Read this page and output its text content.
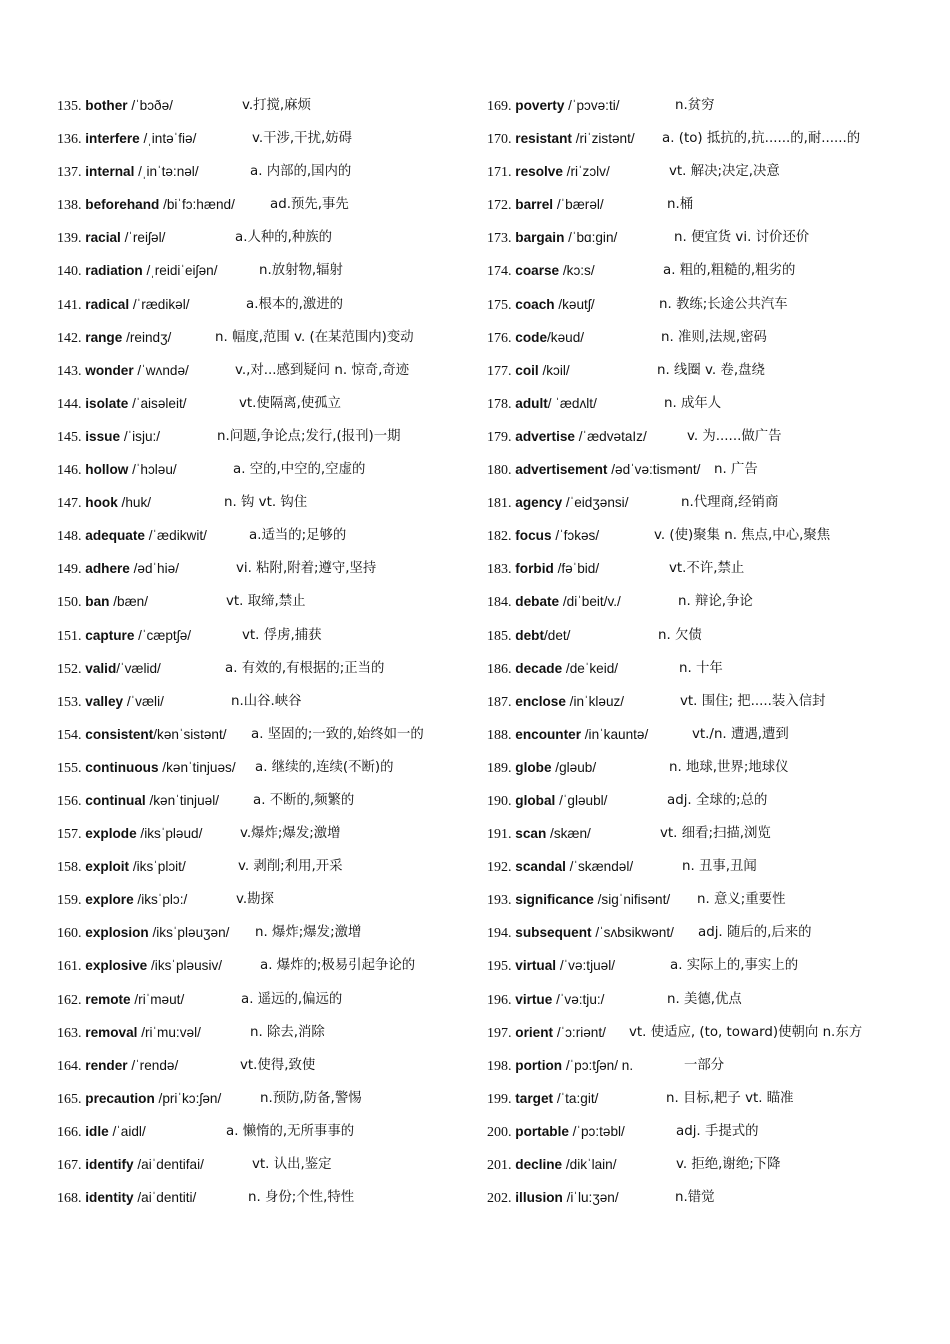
135. bother /ˈbɔðə/	v.打搅,麻烦
136. interfere /ˌintəˈfiə/	v.干涉,干扰,妨碍
137. internal /ˌinˈtə:nəl/	a. 内部的,国内的
138. beforehand /biˈfɔ:hænd/	ad.预先,事先
139. racial /ˈreiʃəl/	a.人种的,种族的
140. radiation /ˌreidiˈeiʃən/	n.放射物,辐射
141. radical /ˈrædikəl/	a.根本的,激进的
142. range /reindʒ/	n. 幅度,范围 v. (在某范围内)变动
143. wonder /ˈwʌndə/	v.,对...感到疑问 n. 惊奇,奇迹
144. isolate /ˈaisəleit/	vt.使隔离,使孤立
145. issue /ˈisju:/	n.问题,争论点;发行,(报刊)一期
146. hollow /ˈhɔləu/	a. 空的,中空的,空虚的
147. hook /huk/	n. 钩 vt. 钩住
148. adequate /ˈædikwit/	a.适当的;足够的
149. adhere /ədˈhiə/	vi. 粘附,附着;遵守,坚持
150. ban /bæn/	vt. 取缔,禁止
151. capture /ˈcæptʃə/	vt. 俘虏,捕获
152. valid/ˈvælid/	a. 有效的,有根据的;正当的
153. valley /ˈvæli/	n.山谷.峡谷
154. consistent/kənˈsistənt/ a. 坚固的;一致的,始终如一的
155. continuous /kənˈtinjuəs/ a. 继续的,连续(不断)的
156. continual /kənˈtinjuəl/	a. 不断的,频繁的
157. explode /iksˈpləud/	v.爆炸;爆发;激增
158. exploit /iksˈplɔit/	v. 剥削;利用,开采
159. explore /iksˈplɔ:/	v.勘探
160. explosion /iksˈpləuʒən/ n. 爆炸;爆发;激增
161. explosive /iksˈpləusiv/	a. 爆炸的;极易引起争论的
162. remote /riˈməut/	a. 遥远的,偏远的
163. removal /riˈmu:vəl/	n. 除去,消除
164. render /ˈrendə/	vt.使得,致使
165. precaution /priˈkɔ:ʃən/	n.预防,防备,警惕
166. idle /ˈaidl/	a. 懒惰的,无所事事的
167. identify /aiˈdentifai/	vt. 认出,鉴定
168. identity /aiˈdentiti/	n. 身份;个性,特性
169. poverty /ˈpɔvə:ti/	n.贫穷
170. resistant /riˈzistənt/ a. (to) 抵抗的,抗......的,耐......的
171. resolve /riˈzɔlv/	vt. 解决;决定,决意
172. barrel /ˈbærəl/	n.桶
173. bargain /ˈbɑ:gin/	n. 便宜货 vi. 讨价还价
174. coarse /kɔ:s/	a. 粗的,粗糙的,粗劣的
175. coach /kəutʃ/	n. 教练;长途公共汽车
176. code/kəud/	n. 准则,法规,密码
177. coil /kɔil/	n. 线圈 v. 卷,盘绕
178. adult/ ˈædʌlt/	n. 成年人
179. advertise /ˈædvətaIz/	v. 为......做广告
180. advertisement /ədˈvə:tismənt/ n. 广告
181. agency /ˈeidʒənsi/	n.代理商,经销商
182. focus /ˈfɔkəs/	v. (使)聚集 n. 焦点,中心,聚焦
183. forbid /fəˈbid/	vt.不许,禁止
184. debate /diˈbeit/v./	n. 辩论,争论
185. debt/det/	n. 欠债
186. decade /deˈkeid/	n. 十年
187. enclose /inˈkləuz/	vt. 围住; 把.....装入信封
188. encounter /inˈkauntə/	vt./n. 遭遇,遭到
189. globe /gləub/	n. 地球,世界;地球仪
190. global /ˈgləubl/	adj. 全球的;总的
191. scan /skæn/	vt. 细看;扫描,浏览
192. scandal /ˈskændəl/	n. 丑事,丑闻
193. significance /sigˈnifisənt/ n. 意义;重要性
194. subsequent /ˈsʌbsikwənt/ adj. 随后的,后来的
195. virtual /ˈvə:tjuəl/	a. 实际上的,事实上的
196. virtue /ˈvə:tju:/	n. 美德,优点
197. orient /ˈɔ:riənt/ vt. 使适应, (to, toward)使朝向 n.东方
198. portion /ˈpɔ:tʃən/ n.	一部分
199. target /ˈta:git/	n. 目标,耙子 vt. 瞄准
200. portable /ˈpɔ:təbl/	adj. 手提式的
201. decline /dikˈlain/	v. 拒绝,谢绝;下降
202. illusion /iˈlu:ʒən/	n.错觉
